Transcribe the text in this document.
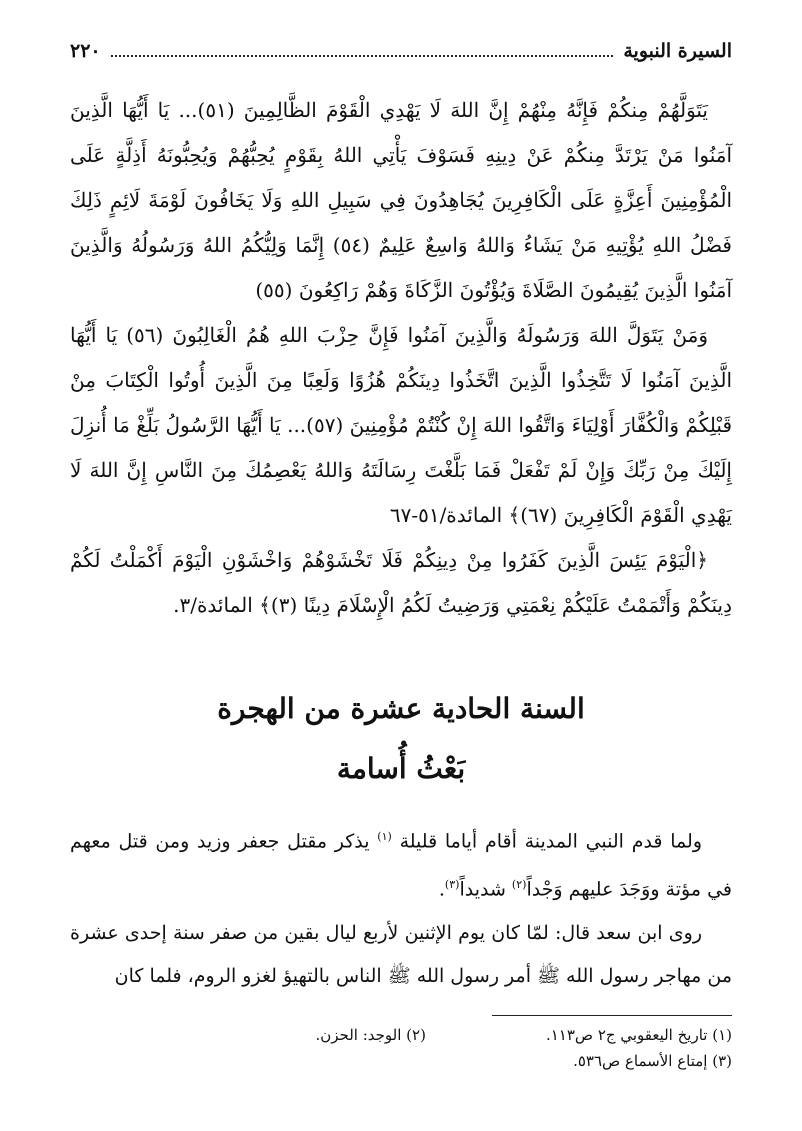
السيرة النبوية
٢٢٠

يَتَوَلَّهُمْ مِنكُمْ فَإِنَّهُ مِنْهُمْ إِنَّ اللهَ لَا يَهْدِي الْقَوْمَ الظَّالِمِينَ (٥١)... يَا أَيُّهَا الَّذِينَ آمَنُوا مَنْ يَرْتَدَّ مِنكُمْ عَنْ دِينِهِ فَسَوْفَ يَأْتِي اللهُ بِقَوْمٍ يُحِبُّهُمْ وَيُحِبُّونَهُ أَذِلَّةٍ عَلَى الْمُؤْمِنِينَ أَعِزَّةٍ عَلَى الْكَافِرِينَ يُجَاهِدُونَ فِي سَبِيلِ اللهِ وَلَا يَخَافُونَ لَوْمَةَ لَائِمٍ ذَلِكَ فَضْلُ اللهِ يُؤْتِيهِ مَنْ يَشَاءُ وَاللهُ وَاسِعٌ عَلِيمٌ (٥٤) إِنَّمَا وَلِيُّكُمُ اللهُ وَرَسُولُهُ وَالَّذِينَ آمَنُوا الَّذِينَ يُقِيمُونَ الصَّلَاةَ وَيُؤْتُونَ الزَّكَاةَ وَهُمْ رَاكِعُونَ (٥٥)

وَمَنْ يَتَوَلَّ اللهَ وَرَسُولَهُ وَالَّذِينَ آمَنُوا فَإِنَّ حِزْبَ اللهِ هُمُ الْغَالِبُونَ (٥٦) يَا أَيُّهَا الَّذِينَ آمَنُوا لَا تَتَّخِذُوا الَّذِينَ اتَّخَذُوا دِينَكُمْ هُزُوًا وَلَعِبًا مِنَ الَّذِينَ أُوتُوا الْكِتَابَ مِنْ قَبْلِكُمْ وَالْكُفَّارَ أَوْلِيَاءَ وَاتَّقُوا اللهَ إِنْ كُنْتُمْ مُؤْمِنِينَ (٥٧)... يَا أَيُّهَا الرَّسُولُ بَلِّغْ مَا أُنزِلَ إِلَيْكَ مِنْ رَبِّكَ وَإِنْ لَمْ تَفْعَلْ فَمَا بَلَّغْتَ رِسَالَتَهُ وَاللهُ يَعْصِمُكَ مِنَ النَّاسِ إِنَّ اللهَ لَا يَهْدِي الْقَوْمَ الْكَافِرِينَ (٦٧)﴾ المائدة/٥١-٦٧

﴿الْيَوْمَ يَئِسَ الَّذِينَ كَفَرُوا مِنْ دِينِكُمْ فَلَا تَخْشَوْهُمْ وَاخْشَوْنِ الْيَوْمَ أَكْمَلْتُ لَكُمْ دِينَكُمْ وَأَتْمَمْتُ عَلَيْكُمْ نِعْمَتِي وَرَضِيتُ لَكُمُ الْإِسْلَامَ دِينًا (٣)﴾ المائدة/٣.

السنة الحادية عشرة من الهجرة
بَعْثُ أُسامة

ولما قدم النبي المدينة أقام أياما قليلة $^{(١)}$ يذكر مقتل جعفر وزيد ومن قتل معهم في مؤتة ووَجَدَ عليهم وَجْداً$^{(٢)}$ شديداً$^{(٣)}$.

روى ابن سعد قال: لمّا كان يوم الإثنين لأربع ليال بقين من صفر سنة إحدى عشرة من مهاجر رسول الله ﷺ أمر رسول الله ﷺ الناس بالتهيؤ لغزو الروم، فلما كان

(١) تاريخ اليعقوبي ج٢ ص١١٣.
(٢) الوجد: الحزن.
(٣) إمتاع الأسماع ص٥٣٦.
